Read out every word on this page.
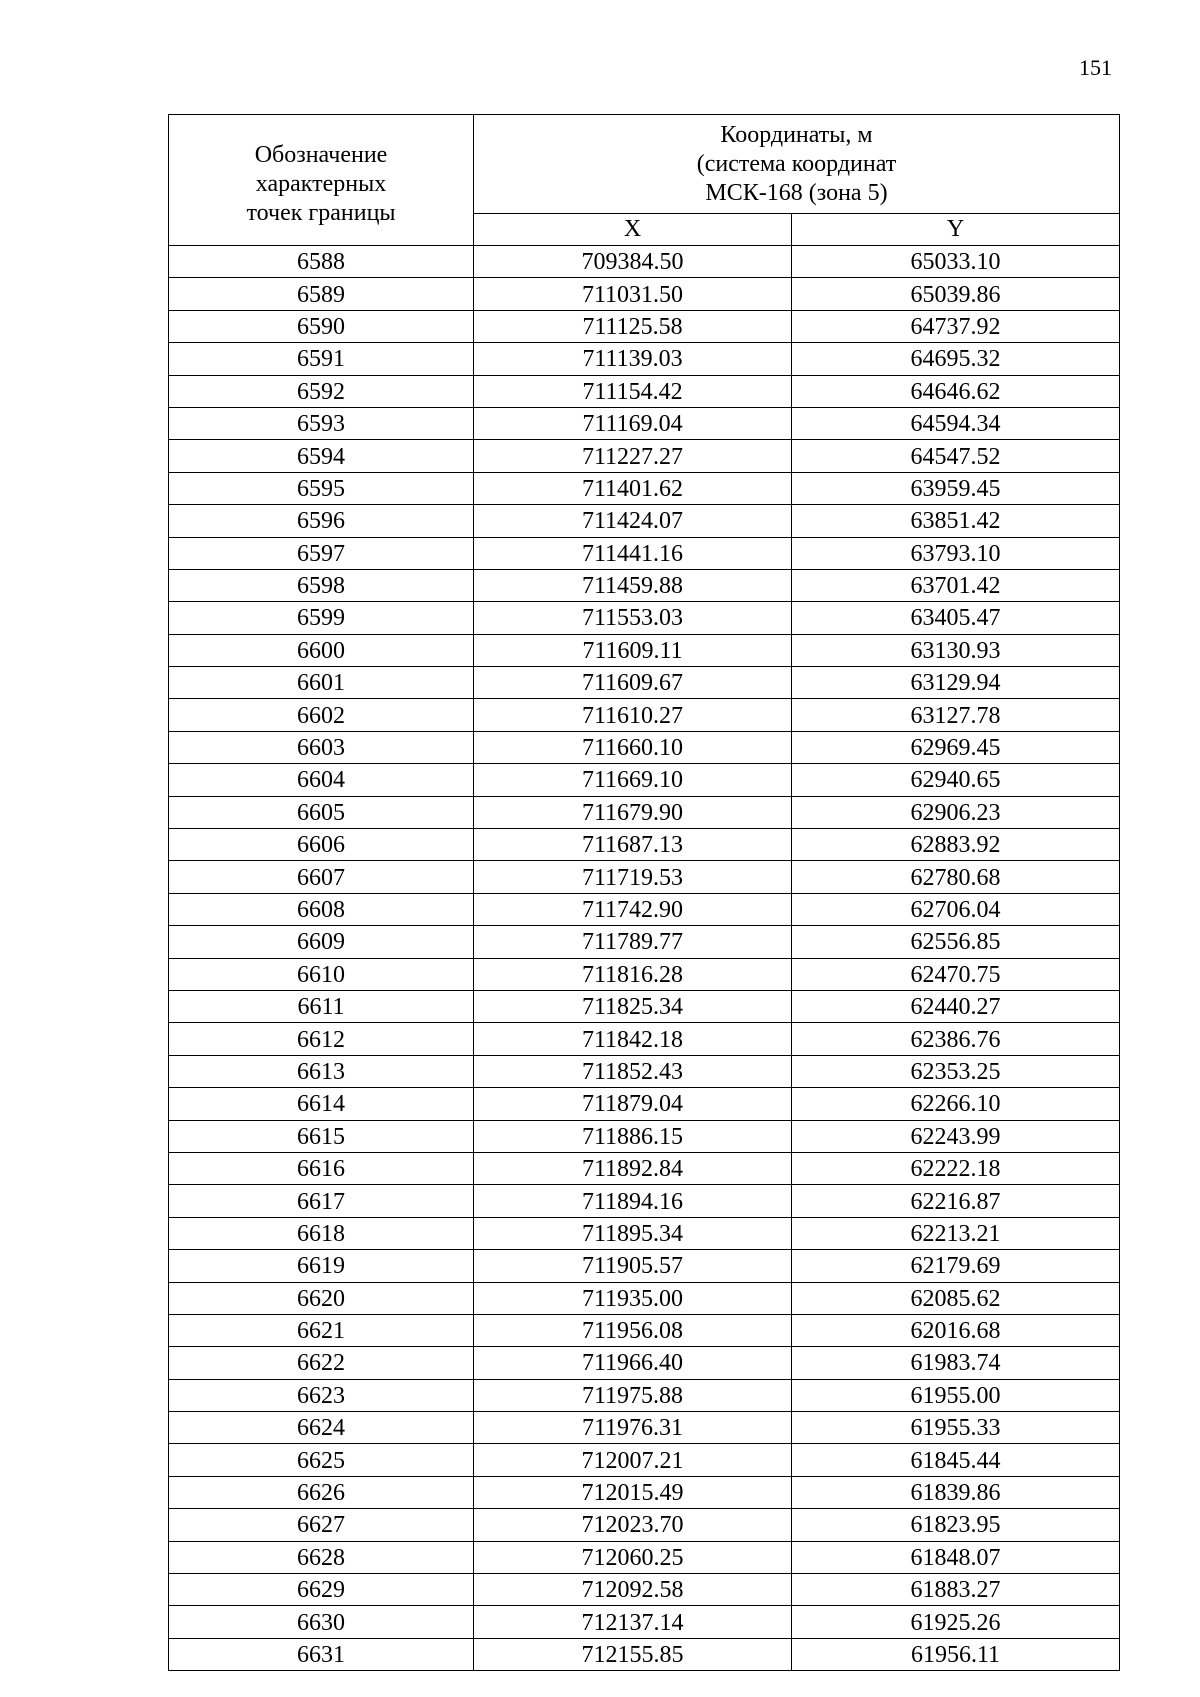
151
Обозначение
характерных
точек границы	Координаты, м
(система координат
МСК-168 (зона 5)	

	X	Y
6588	709384.50	65033.10
6589	711031.50	65039.86
6590	711125.58	64737.92
6591	711139.03	64695.32
6592	711154.42	64646.62
6593	711169.04	64594.34
6594	711227.27	64547.52
6595	711401.62	63959.45
6596	711424.07	63851.42
6597	711441.16	63793.10
6598	711459.88	63701.42
6599	711553.03	63405.47
6600	711609.11	63130.93
6601	711609.67	63129.94
6602	711610.27	63127.78
6603	711660.10	62969.45
6604	711669.10	62940.65
6605	711679.90	62906.23
6606	711687.13	62883.92
6607	711719.53	62780.68
6608	711742.90	62706.04
6609	711789.77	62556.85
6610	711816.28	62470.75
6611	711825.34	62440.27
6612	711842.18	62386.76
6613	711852.43	62353.25
6614	711879.04	62266.10
6615	711886.15	62243.99
6616	711892.84	62222.18
6617	711894.16	62216.87
6618	711895.34	62213.21
6619	711905.57	62179.69
6620	711935.00	62085.62
6621	711956.08	62016.68
6622	711966.40	61983.74
6623	711975.88	61955.00
6624	711976.31	61955.33
6625	712007.21	61845.44
6626	712015.49	61839.86
6627	712023.70	61823.95
6628	712060.25	61848.07
6629	712092.58	61883.27
6630	712137.14	61925.26
6631	712155.85	61956.11
